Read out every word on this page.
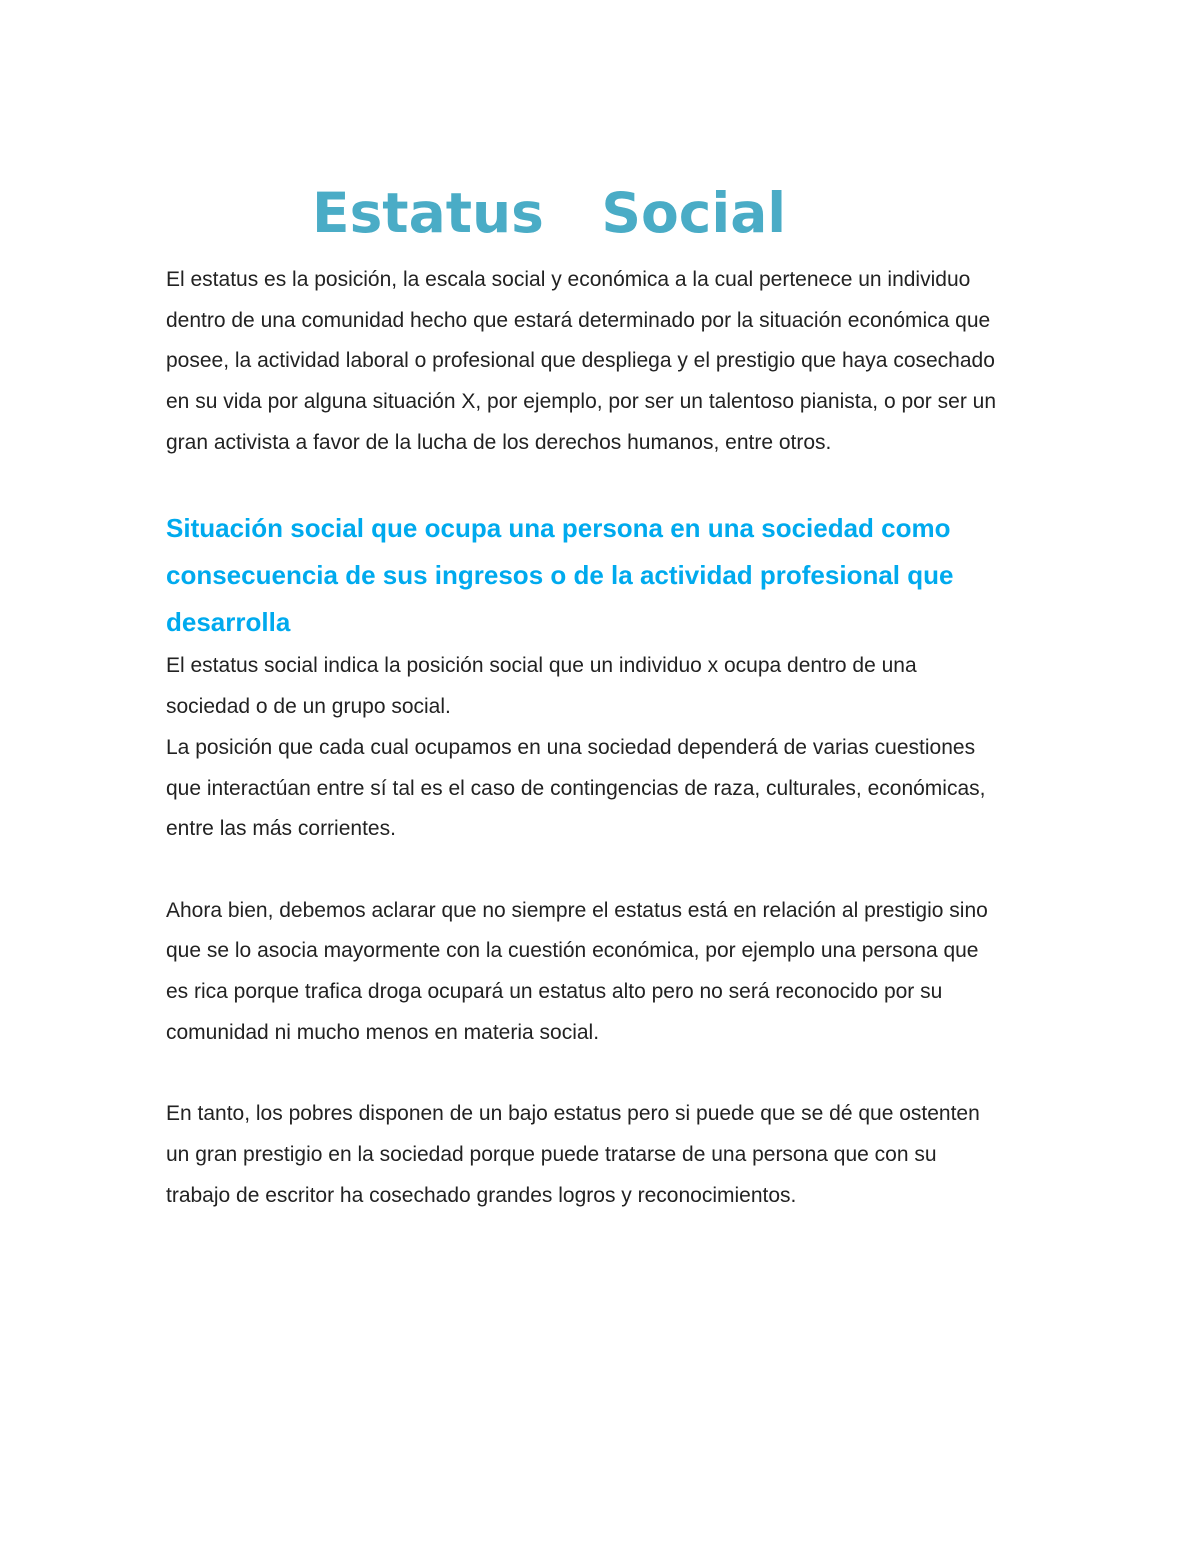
Estatus   Social

El estatus es la posición, la escala social y económica a la cual pertenece un individuo dentro de una comunidad hecho que estará determinado por la situación económica que posee, la actividad laboral o profesional que despliega y el prestigio que haya cosechado en su vida por alguna situación X, por ejemplo, por ser un talentoso pianista, o por ser un gran activista a favor de la lucha de los derechos humanos, entre otros.

Situación social que ocupa una persona en una sociedad como consecuencia de sus ingresos o de la actividad profesional que desarrolla

El estatus social indica la posición social que un individuo x ocupa dentro de una sociedad o de un grupo social.

La posición que cada cual ocupamos en una sociedad dependerá de varias cuestiones que interactúan entre sí tal es el caso de contingencias de raza, culturales, económicas, entre las más corrientes.

Ahora bien, debemos aclarar que no siempre el estatus está en relación al prestigio sino que se lo asocia mayormente con la cuestión económica, por ejemplo una persona que es rica porque trafica droga ocupará un estatus alto pero no será reconocido por su comunidad ni mucho menos en materia social.

En tanto, los pobres disponen de un bajo estatus pero si puede que se dé que ostenten un gran prestigio en la sociedad porque puede tratarse de una persona que con su trabajo de escritor ha cosechado grandes logros y reconocimientos.
